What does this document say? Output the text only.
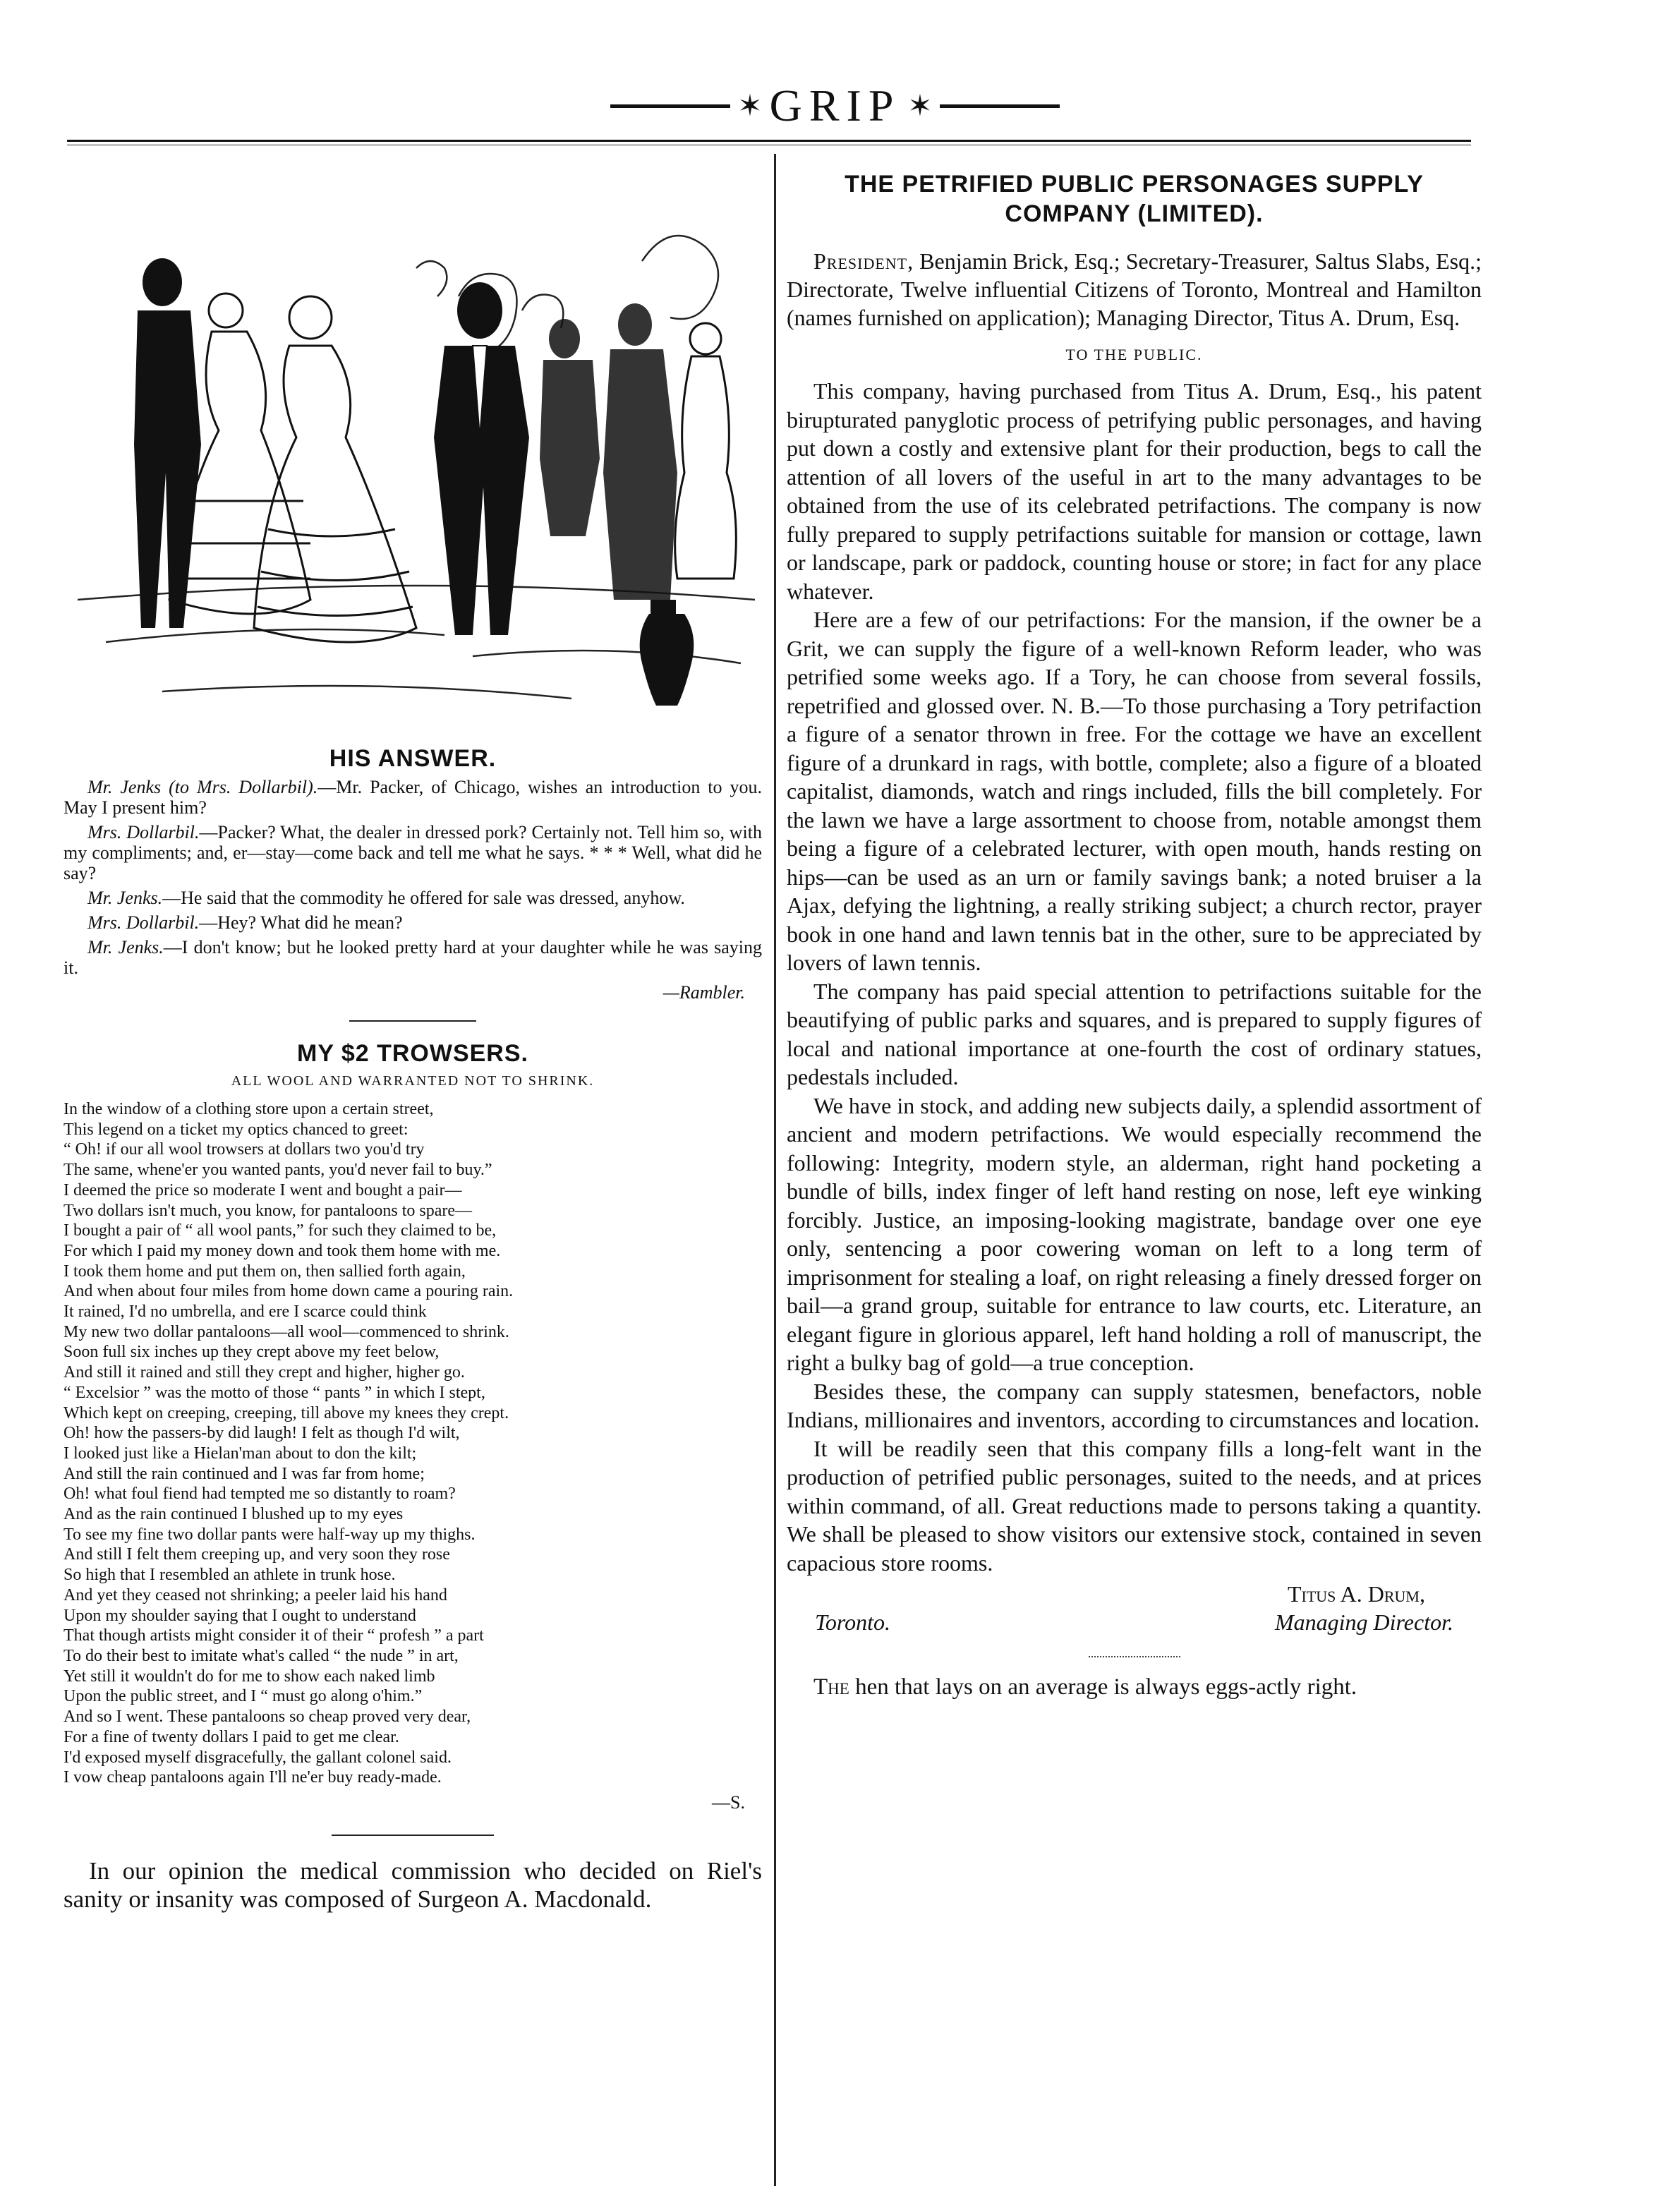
✶ GRIP ✶
HIS ANSWER.

Mr. Jenks (to Mrs. Dollarbil).—Mr. Packer, of Chicago, wishes an introduction to you. May I present him?

Mrs. Dollarbil.—Packer? What, the dealer in dressed pork? Certainly not. Tell him so, with my compliments; and, er—stay—come back and tell me what he says. * * * Well, what did he say?

Mr. Jenks.—He said that the commodity he offered for sale was dressed, anyhow.

Mrs. Dollarbil.—Hey? What did he mean?

Mr. Jenks.—I don't know; but he looked pretty hard at your daughter while he was saying it.

—Rambler.
MY $2 TROWSERS.
ALL WOOL AND WARRANTED NOT TO SHRINK.
In the window of a clothing store upon a certain street,
This legend on a ticket my optics chanced to greet:
“ Oh! if our all wool trowsers at dollars two you'd try
The same, whene'er you wanted pants, you'd never fail to buy.”
I deemed the price so moderate I went and bought a pair—
Two dollars isn't much, you know, for pantaloons to spare—
I bought a pair of “ all wool pants,” for such they claimed to be,
For which I paid my money down and took them home with me.
I took them home and put them on, then sallied forth again,
And when about four miles from home down came a pouring rain.
It rained, I'd no umbrella, and ere I scarce could think
My new two dollar pantaloons—all wool—commenced to shrink.
Soon full six inches up they crept above my feet below,
And still it rained and still they crept and higher, higher go.
“ Excelsior ” was the motto of those “ pants ” in which I stept,
Which kept on creeping, creeping, till above my knees they crept.
Oh! how the passers-by did laugh! I felt as though I'd wilt,
I looked just like a Hielan'man about to don the kilt;
And still the rain continued and I was far from home;
Oh! what foul fiend had tempted me so distantly to roam?
And as the rain continued I blushed up to my eyes
To see my fine two dollar pants were half-way up my thighs.
And still I felt them creeping up, and very soon they rose
So high that I resembled an athlete in trunk hose.
And yet they ceased not shrinking; a peeler laid his hand
Upon my shoulder saying that I ought to understand
That though artists might consider it of their “ profesh ” a part
To do their best to imitate what's called “ the nude ” in art,
Yet still it wouldn't do for me to show each naked limb
Upon the public street, and I “ must go along o'him.”
And so I went. These pantaloons so cheap proved very dear,
For a fine of twenty dollars I paid to get me clear.
I'd exposed myself disgracefully, the gallant colonel said.
I vow cheap pantaloons again I'll ne'er buy ready-made.
—S.

In our opinion the medical commission who decided on Riel's sanity or insanity was composed of Surgeon A. Macdonald.

THE PETRIFIED PUBLIC PERSONAGES SUPPLY COMPANY (LIMITED).

President, Benjamin Brick, Esq.; Secretary-Treasurer, Saltus Slabs, Esq.; Directorate, Twelve influential Citizens of Toronto, Montreal and Hamilton (names furnished on application); Managing Director, Titus A. Drum, Esq.

TO THE PUBLIC.

This company, having purchased from Titus A. Drum, Esq., his patent birupturated panyglotic process of petrifying public personages, and having put down a costly and extensive plant for their production, begs to call the attention of all lovers of the useful in art to the many advantages to be obtained from the use of its celebrated petrifactions. The company is now fully prepared to supply petrifactions suitable for mansion or cottage, lawn or landscape, park or paddock, counting house or store; in fact for any place whatever.

Here are a few of our petrifactions: For the mansion, if the owner be a Grit, we can supply the figure of a well-known Reform leader, who was petrified some weeks ago. If a Tory, he can choose from several fossils, repetrified and glossed over. N. B.—To those purchasing a Tory petrifaction a figure of a senator thrown in free. For the cottage we have an excellent figure of a drunkard in rags, with bottle, complete; also a figure of a bloated capitalist, diamonds, watch and rings included, fills the bill completely. For the lawn we have a large assortment to choose from, notable amongst them being a figure of a celebrated lecturer, with open mouth, hands resting on hips—can be used as an urn or family savings bank; a noted bruiser a la Ajax, defying the lightning, a really striking subject; a church rector, prayer book in one hand and lawn tennis bat in the other, sure to be appreciated by lovers of lawn tennis.

The company has paid special attention to petrifactions suitable for the beautifying of public parks and squares, and is prepared to supply figures of local and national importance at one-fourth the cost of ordinary statues, pedestals included.

We have in stock, and adding new subjects daily, a splendid assortment of ancient and modern petrifactions. We would especially recommend the following: Integrity, modern style, an alderman, right hand pocketing a bundle of bills, index finger of left hand resting on nose, left eye winking forcibly. Justice, an imposing-looking magistrate, bandage over one eye only, sentencing a poor cowering woman on left to a long term of imprisonment for stealing a loaf, on right releasing a finely dressed forger on bail—a grand group, suitable for entrance to law courts, etc. Literature, an elegant figure in glorious apparel, left hand holding a roll of manuscript, the right a bulky bag of gold—a true conception.

Besides these, the company can supply statesmen, benefactors, noble Indians, millionaires and inventors, according to circumstances and location.

It will be readily seen that this company fills a long-felt want in the production of petrified public personages, suited to the needs, and at prices within command, of all. Great reductions made to persons taking a quantity. We shall be pleased to show visitors our extensive stock, contained in seven capacious store rooms.

Titus A. Drum,
Toronto.	Managing Director.

The hen that lays on an average is always eggs-actly right.
